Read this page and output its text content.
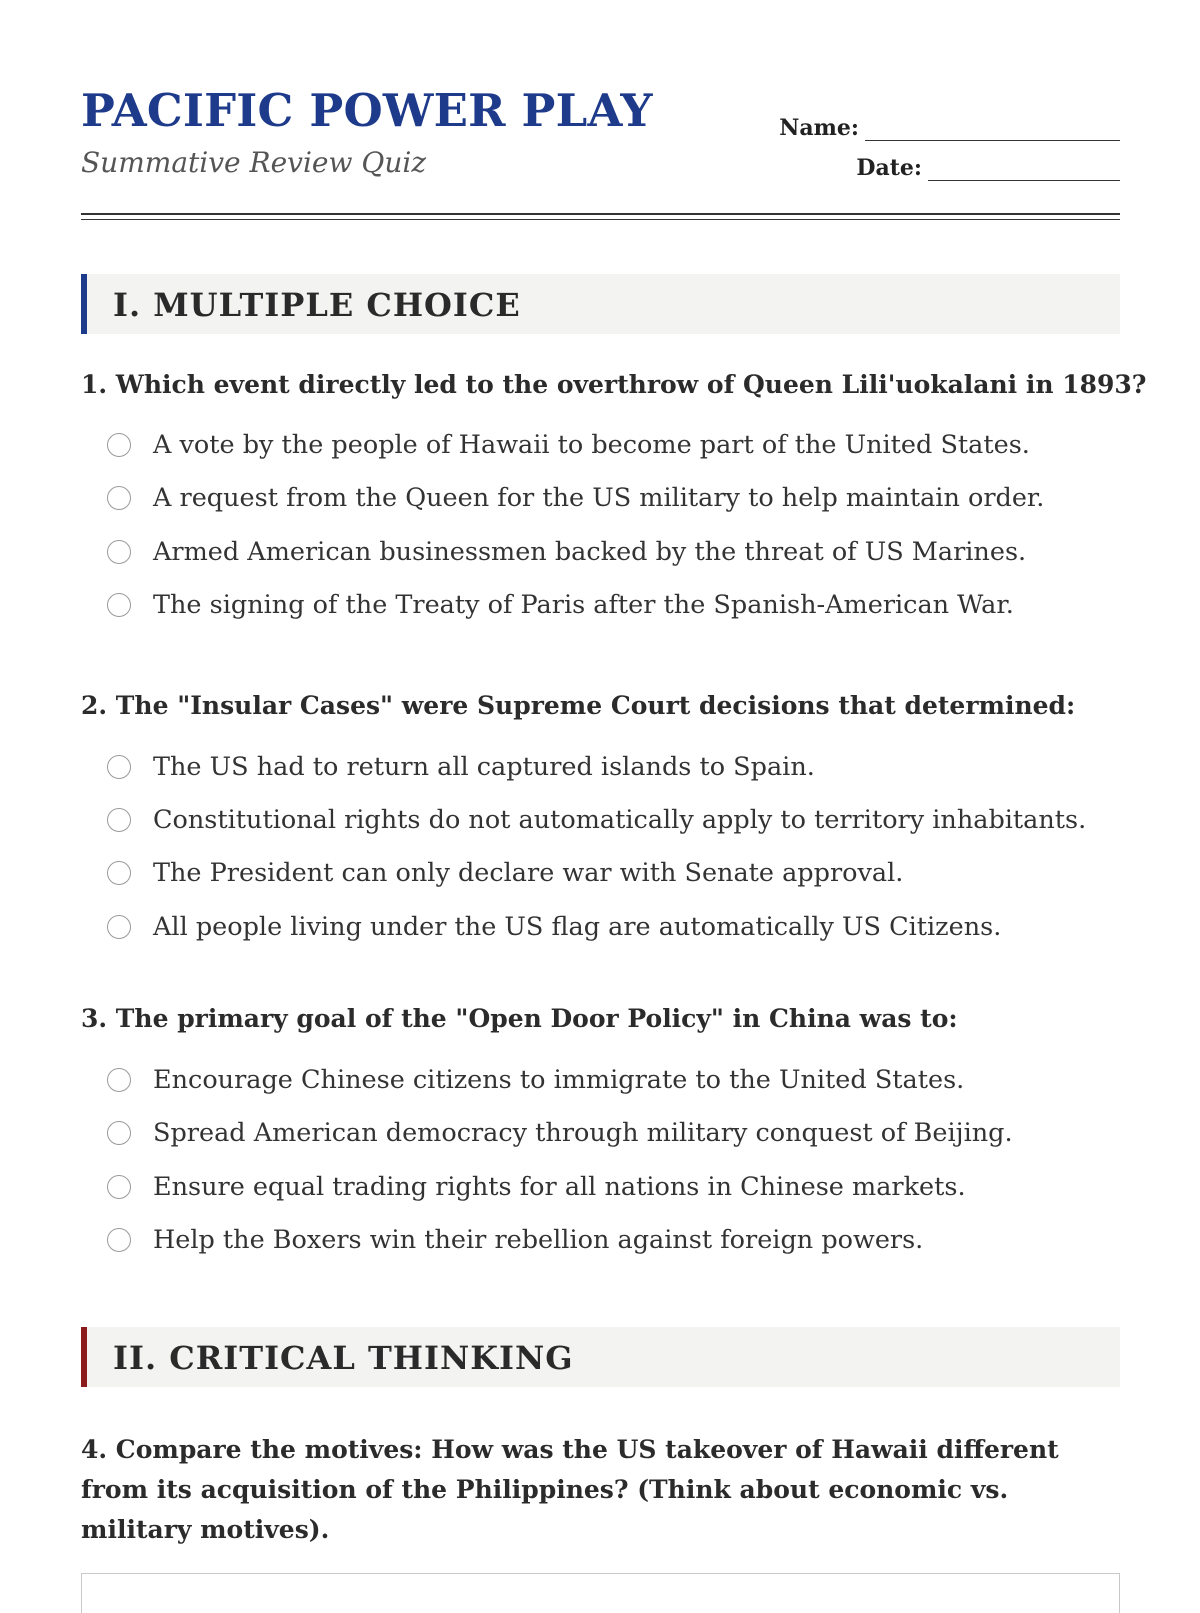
PACIFIC POWER PLAY
Summative Review Quiz
Name:
Date:
I. MULTIPLE CHOICE
1. Which event directly led to the overthrow of Queen Lili'uokalani in 1893?
A vote by the people of Hawaii to become part of the United States.
A request from the Queen for the US military to help maintain order.
Armed American businessmen backed by the threat of US Marines.
The signing of the Treaty of Paris after the Spanish-American War.
2. The "Insular Cases" were Supreme Court decisions that determined:
The US had to return all captured islands to Spain.
Constitutional rights do not automatically apply to territory inhabitants.
The President can only declare war with Senate approval.
All people living under the US flag are automatically US Citizens.
3. The primary goal of the "Open Door Policy" in China was to:
Encourage Chinese citizens to immigrate to the United States.
Spread American democracy through military conquest of Beijing.
Ensure equal trading rights for all nations in Chinese markets.
Help the Boxers win their rebellion against foreign powers.
II. CRITICAL THINKING
4. Compare the motives: How was the US takeover of Hawaii different from its acquisition of the Philippines? (Think about economic vs. military motives).
